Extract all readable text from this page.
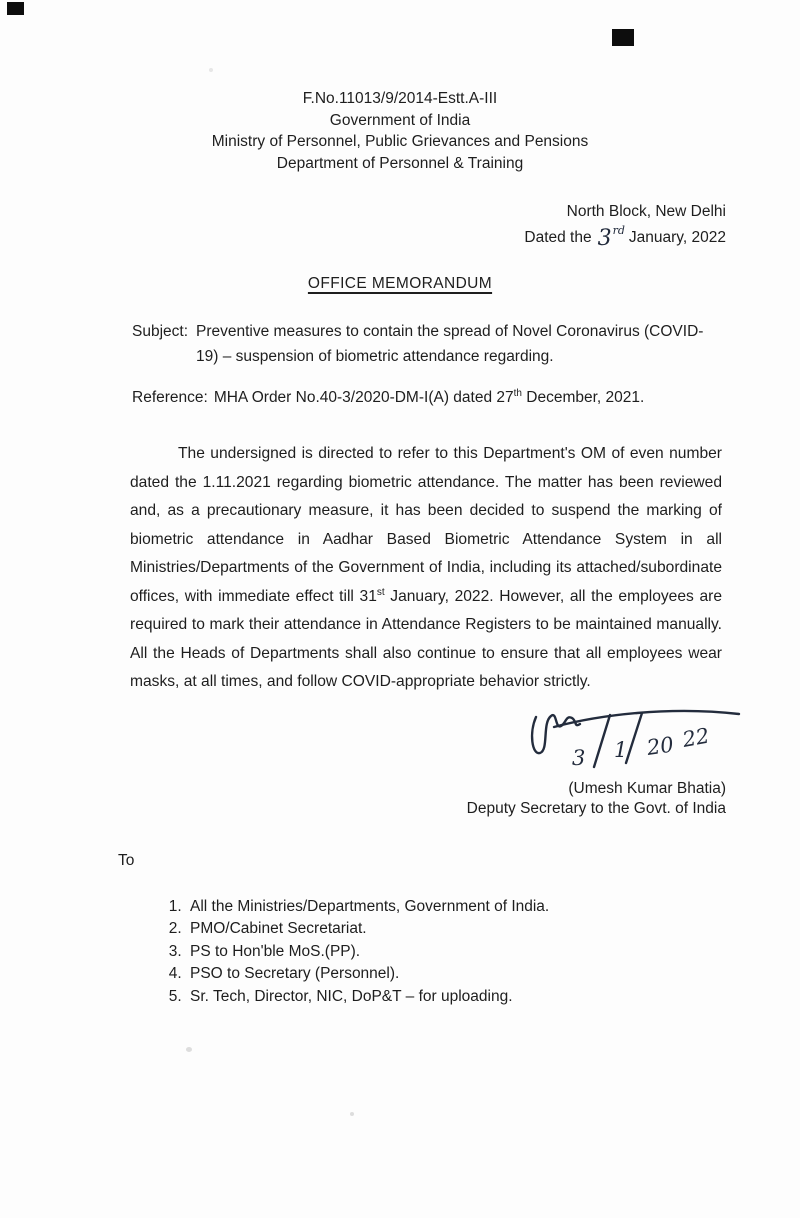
F.No.11013/9/2014-Estt.A-III
Government of India
Ministry of Personnel, Public Grievances and Pensions
Department of Personnel & Training
North Block, New Delhi
Dated the 3rd January, 2022
OFFICE MEMORANDUM
Subject: Preventive measures to contain the spread of Novel Coronavirus (COVID-19) – suspension of biometric attendance regarding.
Reference: MHA Order No.40-3/2020-DM-I(A) dated 27th December, 2021.

The undersigned is directed to refer to this Department's OM of even number dated the 1.11.2021 regarding biometric attendance. The matter has been reviewed and, as a precautionary measure, it has been decided to suspend the marking of biometric attendance in Aadhar Based Biometric Attendance System in all Ministries/Departments of the Government of India, including its attached/subordinate offices, with immediate effect till 31st January, 2022. However, all the employees are required to mark their attendance in Attendance Registers to be maintained manually. All the Heads of Departments shall also continue to ensure that all employees wear masks, at all times, and follow COVID-appropriate behavior strictly.

3 1 20 22
(Umesh Kumar Bhatia)
Deputy Secretary to the Govt. of India
To
1. All the Ministries/Departments, Government of India.
2. PMO/Cabinet Secretariat.
3. PS to Hon'ble MoS.(PP).
4. PSO to Secretary (Personnel).
5. Sr. Tech, Director, NIC, DoP&T – for uploading.
